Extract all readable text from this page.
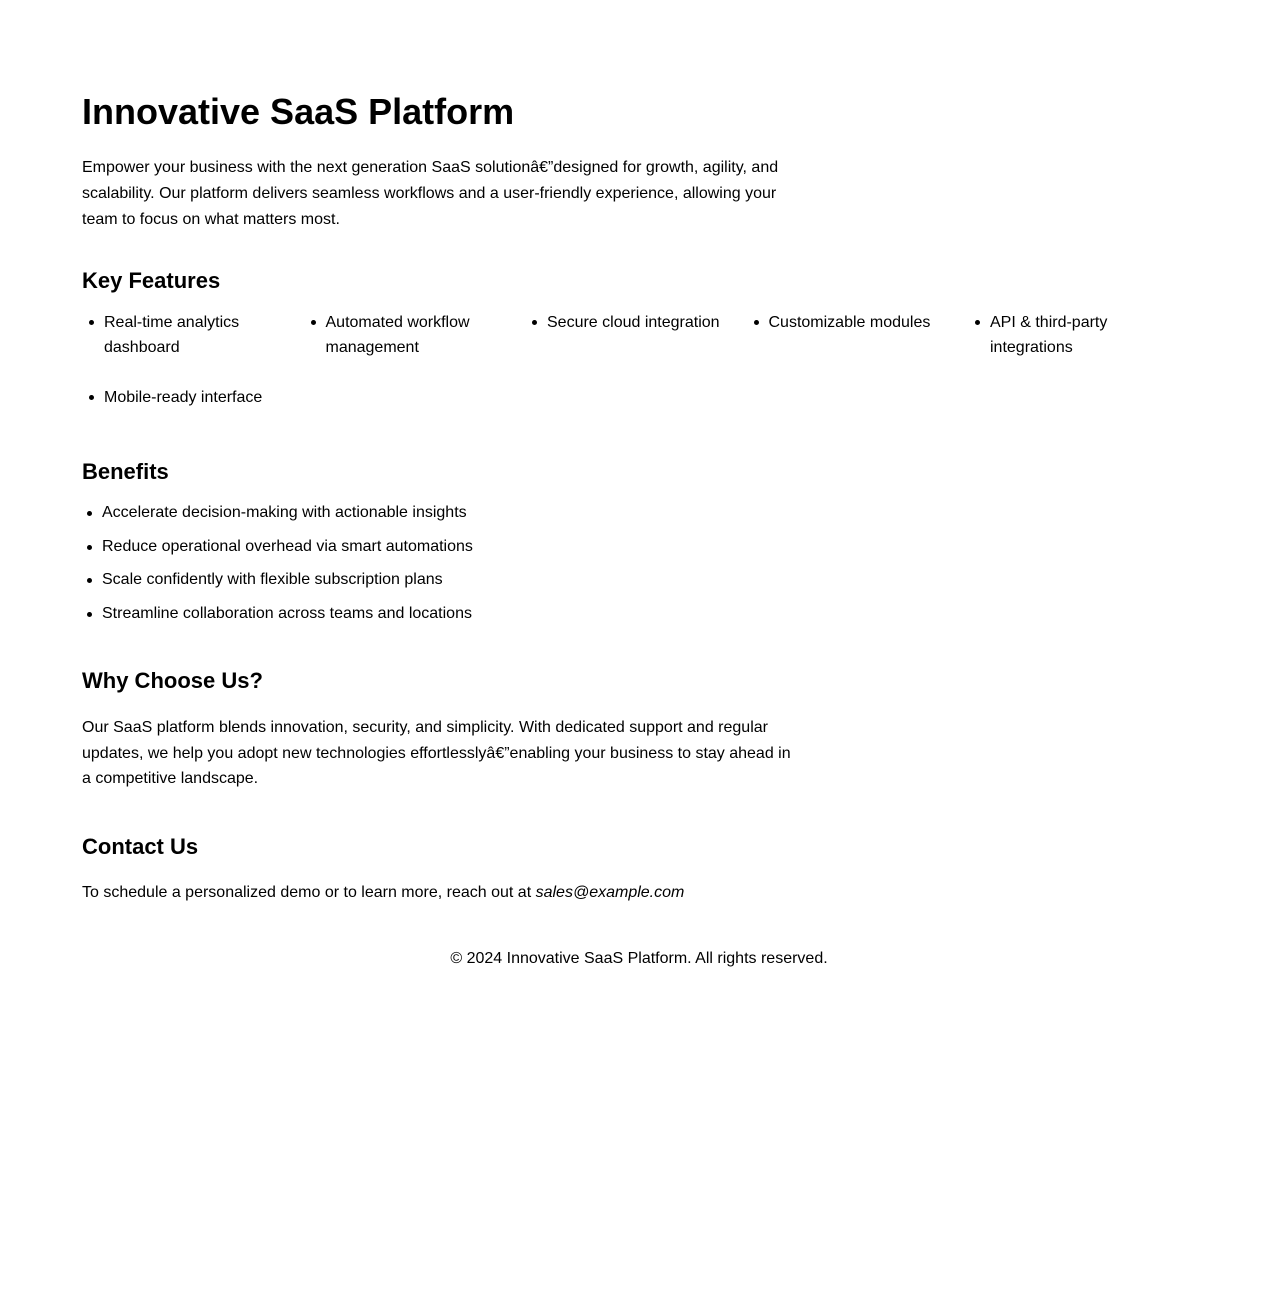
Innovative SaaS Platform

Empower your business with the next generation SaaS solutionâ€”designed for growth, agility, and scalability. Our platform delivers seamless workflows and a user-friendly experience, allowing your team to focus on what matters most.

Key Features
Real-time analytics dashboard
Automated workflow management
Secure cloud integration	Customizable modules	API & third-party integrations
Mobile-ready interface
Benefits
Accelerate decision-making with actionable insights
Reduce operational overhead via smart automations
Scale confidently with flexible subscription plans
Streamline collaboration across teams and locations
Why Choose Us?

Our SaaS platform blends innovation, security, and simplicity. With dedicated support and regular updates, we help you adopt new technologies effortlesslyâ€”enabling your business to stay ahead in a competitive landscape.

Contact Us

To schedule a personalized demo or to learn more, reach out at sales@example.com

© 2024 Innovative SaaS Platform. All rights reserved.
